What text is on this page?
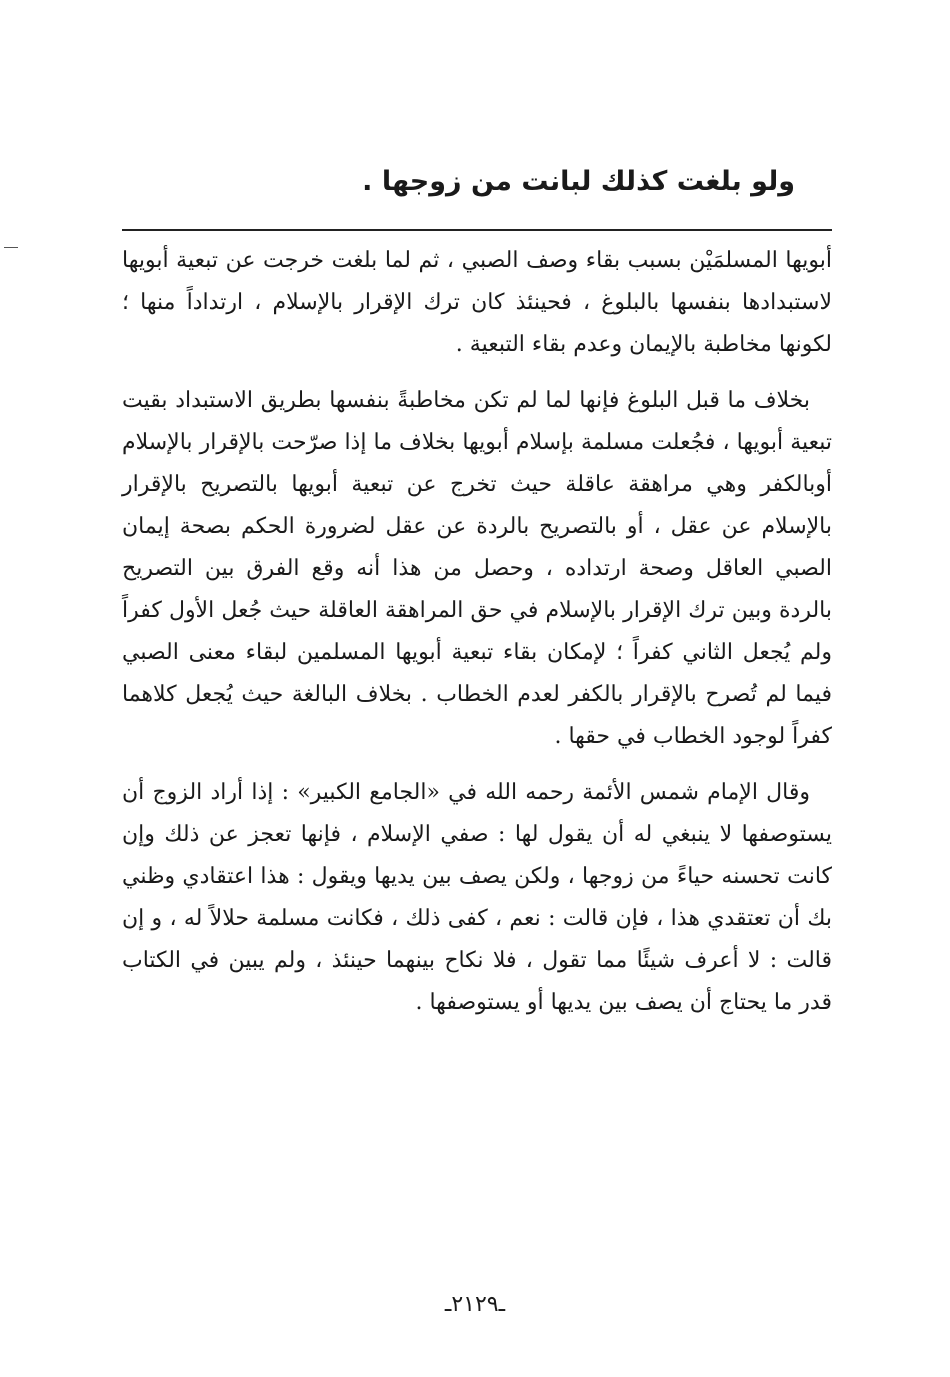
ولو بلغت كذلك لبانت من زوجها .

أبويها المسلمَيْن بسبب بقاء وصف الصبي ، ثم لما بلغت خرجت عن تبعية أبويها لاستبدادها بنفسها بالبلوغ ، فحينئذ كان ترك الإقرار بالإسلام ، ارتداداً منها ؛ لكونها مخاطبة بالإيمان وعدم بقاء التبعية .

بخلاف ما قبل البلوغ فإنها لما لم تكن مخاطبةً بنفسها بطريق الاستبداد بقيت تبعية أبويها ، فجُعلت مسلمة بإسلام أبويها بخلاف ما إذا صرّحت بالإقرار بالإسلام أوبالكفر وهي مراهقة عاقلة حيث تخرج عن تبعية أبويها بالتصريح بالإقرار بالإسلام عن عقل ، أو بالتصريح بالردة عن عقل لضرورة الحكم بصحة إيمان الصبي العاقل وصحة ارتداده ، وحصل من هذا أنه وقع الفرق بين التصريح بالردة وبين ترك الإقرار بالإسلام في حق المراهقة العاقلة حيث جُعل الأول كفراً ولم يُجعل الثاني كفراً ؛ لإمكان بقاء تبعية أبويها المسلمين لبقاء معنى الصبي فيما لم تُصرح بالإقرار بالكفر لعدم الخطاب . بخلاف البالغة حيث يُجعل كلاهما كفراً لوجود الخطاب في حقها .

وقال الإمام شمس الأئمة رحمه الله في «الجامع الكبير» : إذا أراد الزوج أن يستوصفها لا ينبغي له أن يقول لها : صفي الإسلام ، فإنها تعجز عن ذلك وإن كانت تحسنه حياءً من زوجها ، ولكن يصف بين يديها ويقول : هذا اعتقادي وظني بك أن تعتقدي هذا ، فإن قالت : نعم ، كفى ذلك ، فكانت مسلمة حلالاً له ، و إن قالت : لا أعرف شيئًا مما تقول ، فلا نكاح بينهما حينئذ ، ولم يبين في الكتاب قدر ما يحتاج أن يصف بين يديها أو يستوصفها .

ـ٢١٢٩ـ
